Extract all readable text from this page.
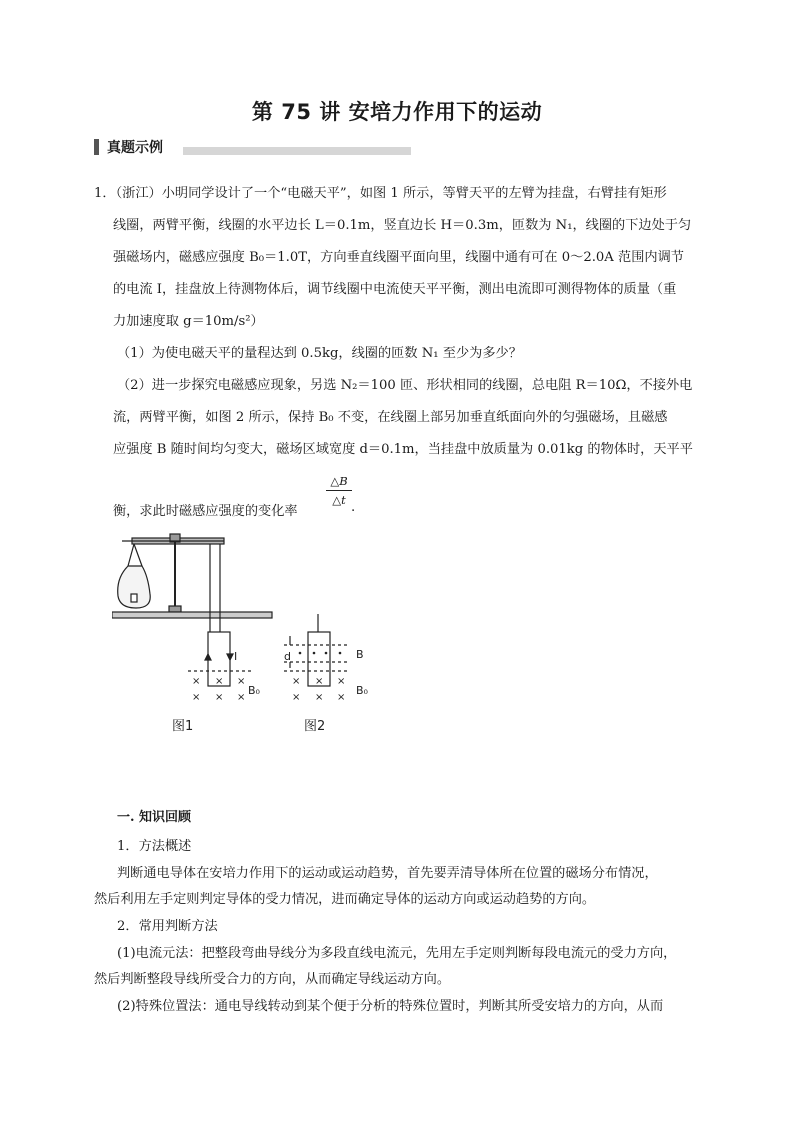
第 75 讲 安培力作用下的运动
真题示例
1．（浙江）小明同学设计了一个“电磁天平”，如图 1 所示，等臂天平的左臂为挂盘，右臂挂有矩形
线圈，两臂平衡，线圈的水平边长 L＝0.1m，竖直边长 H＝0.3m，匝数为 N₁，线圈的下边处于匀
强磁场内，磁感应强度 B₀＝1.0T，方向垂直线圈平面向里，线圈中通有可在 0～2.0A 范围内调节
的电流 I，挂盘放上待测物体后，调节线圈中电流使天平平衡，测出电流即可测得物体的质量（重
力加速度取 g＝10m/s²）
（1）为使电磁天平的量程达到 0.5kg，线圈的匝数 N₁ 至少为多少？
（2）进一步探究电磁感应现象，另选 N₂＝100 匝、形状相同的线圈，总电阻 R＝10Ω，不接外电
流，两臂平衡，如图 2 所示，保持 B₀ 不变，在线圈上部另加垂直纸面向外的匀强磁场，且磁感
应强度 B 随时间均匀变大，磁场区域宽度 d＝0.1m，当挂盘中放质量为 0.01kg 的物体时，天平平
衡，求此时磁感应强度的变化率
$\frac{\triangle B}{\triangle t}$
.
× × ×
× × ×
× × ×
× × ×
I
B₀
B
B₀
d
图1	图2
一. 知识回顾
1．方法概述
判断通电导体在安培力作用下的运动或运动趋势，首先要弄清导体所在位置的磁场分布情况，
然后利用左手定则判定导体的受力情况，进而确定导体的运动方向或运动趋势的方向。
2．常用判断方法
(1)电流元法：把整段弯曲导线分为多段直线电流元，先用左手定则判断每段电流元的受力方向，
然后判断整段导线所受合力的方向，从而确定导线运动方向。
(2)特殊位置法：通电导线转动到某个便于分析的特殊位置时，判断其所受安培力的方向，从而
